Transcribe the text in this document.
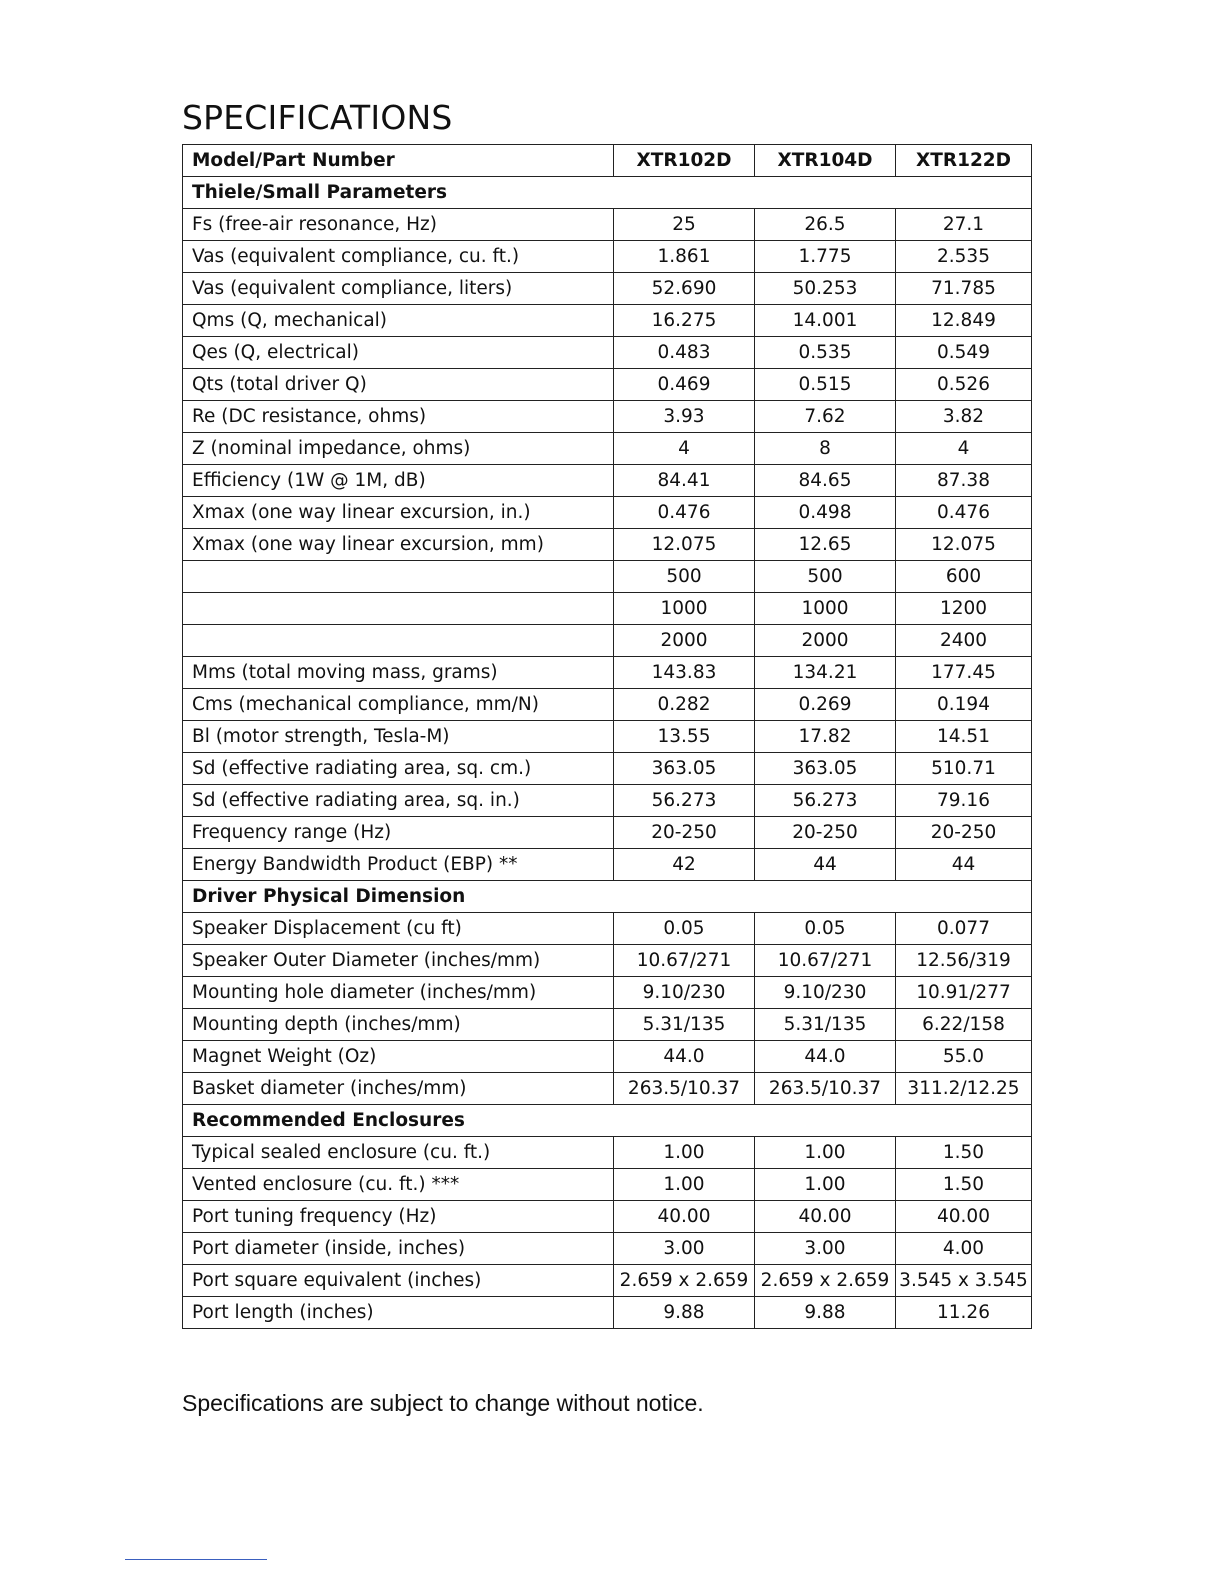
SPECIFICATIONS
Model/Part Number	XTR102D	XTR104D	XTR122D
Thiele/Small Parameters			
Fs (free-air resonance, Hz)	25	26.5	27.1
Vas (equivalent compliance, cu. ft.)	1.861	1.775	2.535
Vas (equivalent compliance, liters)	52.690	50.253	71.785
Qms (Q, mechanical)	16.275	14.001	12.849
Qes (Q, electrical)	0.483	0.535	0.549
Qts (total driver Q)	0.469	0.515	0.526
Re (DC resistance, ohms)	3.93	7.62	3.82
Z (nominal impedance, ohms)	4	8	4
Efficiency (1W @ 1M, dB)	84.41	84.65	87.38
Xmax (one way linear excursion, in.)	0.476	0.498	0.476
Xmax (one way linear excursion, mm)	12.075	12.65	12.075
	500	500	600
	1000	1000	1200
	2000	2000	2400
Mms (total moving mass, grams)	143.83	134.21	177.45
Cms (mechanical compliance, mm/N)	0.282	0.269	0.194
Bl (motor strength, Tesla-M)	13.55	17.82	14.51
Sd (effective radiating area, sq. cm.)	363.05	363.05	510.71
Sd (effective radiating area, sq. in.)	56.273	56.273	79.16
Frequency range (Hz)	20-250	20-250	20-250
Energy Bandwidth Product (EBP) **	42	44	44
Driver Physical Dimension			
Speaker Displacement (cu ft)	0.05	0.05	0.077
Speaker Outer Diameter (inches/mm)	10.67/271	10.67/271	12.56/319
Mounting hole diameter (inches/mm)	9.10/230	9.10/230	10.91/277
Mounting depth (inches/mm)	5.31/135	5.31/135	6.22/158
Magnet Weight (Oz)	44.0	44.0	55.0
Basket diameter (inches/mm)	263.5/10.37	263.5/10.37	311.2/12.25
Recommended Enclosures			
Typical sealed enclosure (cu. ft.)	1.00	1.00	1.50
Vented enclosure (cu. ft.) ***	1.00	1.00	1.50
Port tuning frequency (Hz)	40.00	40.00	40.00
Port diameter (inside, inches)	3.00	3.00	4.00
Port square equivalent (inches)	2.659 x 2.659	2.659 x 2.659	3.545 x 3.545
Port length (inches)	9.88	9.88	11.26
Specifications are subject to change without notice.
